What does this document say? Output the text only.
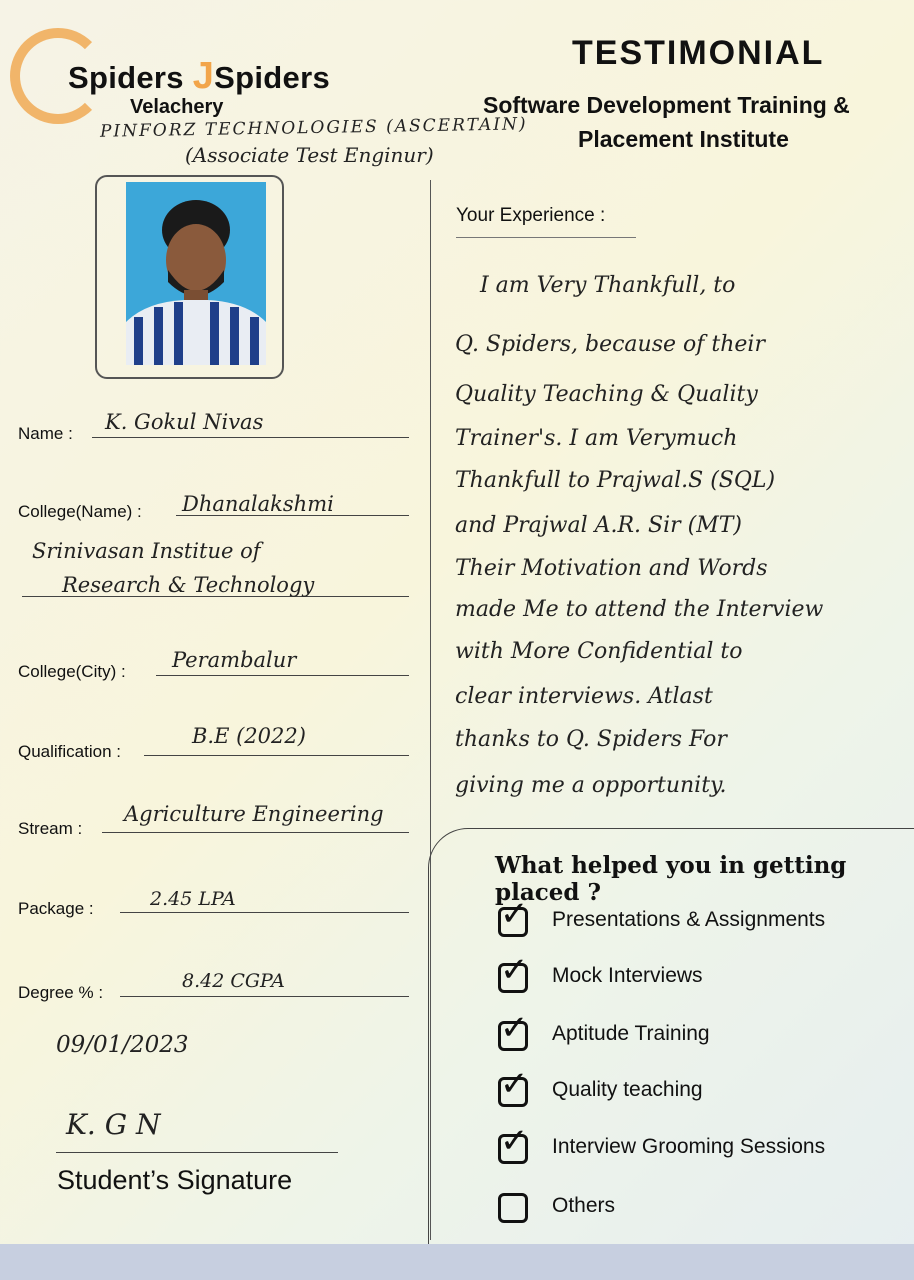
Spiders JSpiders
Velachery
TESTIMONIAL
Software Development Training &
Placement Institute
PINFORZ TECHNOLOGIES (ASCERTAIN)
(Associate Test Enginur)
Name : K. Gokul Nivas
College(Name) : Dhanalakshmi
Srinivasan Institue of
Research & Technology
College(City) : Perambalur
Qualification :
B.E (2022)
Stream :
Agriculture Engineering
Package :	2.45 LPA
Degree % :
8.42 CGPA
09/01/2023
K. G N
Student’s Signature
Your Experience :
I am Very Thankfull, to
Q. Spiders, because of their
Quality Teaching & Quality
Trainer's. I am Verymuch
Thankfull to Prajwal.S (SQL)
and Prajwal A.R. Sir (MT)
Their Motivation and Words
made Me to attend the Interview
with More Confidential to
clear interviews. Atlast
thanks to Q. Spiders For
giving me a opportunity.
What helped you in getting placed ?
✓ Presentations & Assignments
✓ Mock Interviews
✓ Aptitude Training
✓ Quality teaching
✓ Interview Grooming Sessions
Others
